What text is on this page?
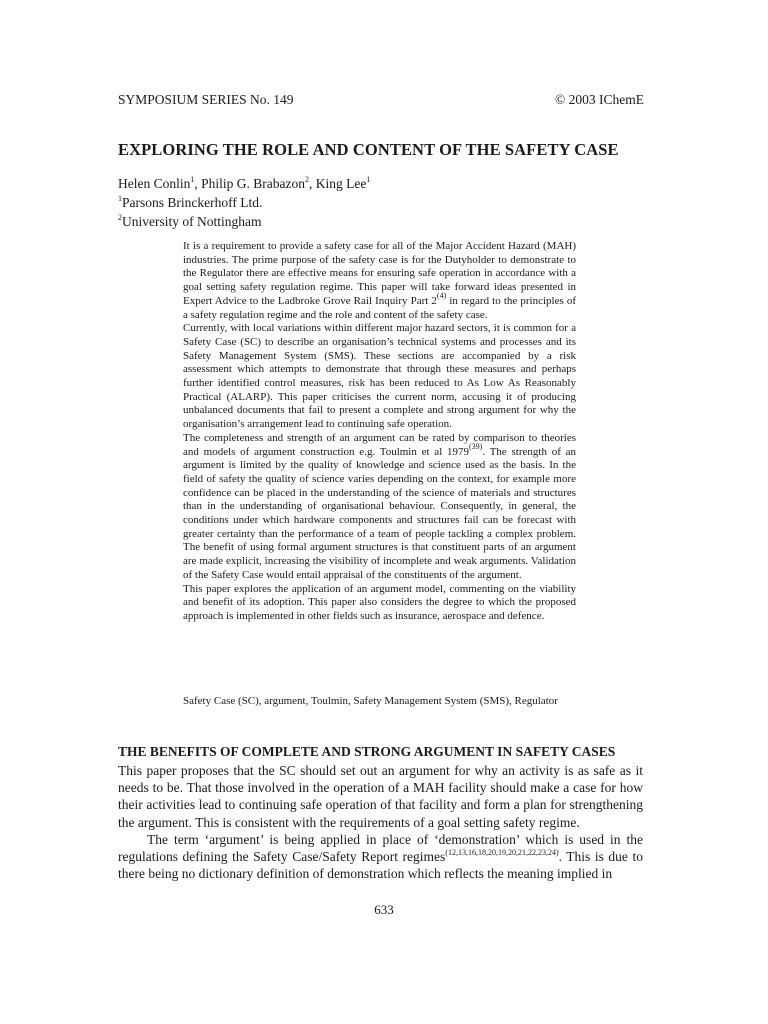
SYMPOSIUM SERIES No. 149	© 2003 IChemE
EXPLORING THE ROLE AND CONTENT OF THE SAFETY CASE
Helen Conlin$^1$, Philip G. Brabazon$^2$, King Lee$^1$
$^1$Parsons Brinckerhoff Ltd.
$^2$University of Nottingham

It is a requirement to provide a safety case for all of the Major Accident Hazard (MAH) industries. The prime purpose of the safety case is for the Dutyholder to demonstrate to the Regulator there are effective means for ensuring safe operation in accordance with a goal setting safety regulation regime. This paper will take forward ideas presented in Expert Advice to the Ladbroke Grove Rail Inquiry Part 2$^{(4)}$ in regard to the principles of a safety regulation regime and the role and content of the safety case.

Currently, with local variations within different major hazard sectors, it is common for a Safety Case (SC) to describe an organisation’s technical systems and processes and its Safety Management System (SMS). These sections are accompanied by a risk assessment which attempts to demonstrate that through these measures and perhaps further identified control measures, risk has been reduced to As Low As Reasonably Practical (ALARP). This paper criticises the current norm, accusing it of producing unbalanced documents that fail to present a complete and strong argument for why the organisation’s arrangement lead to continuing safe operation.

The completeness and strength of an argument can be rated by comparison to theories and models of argument construction e.g. Toulmin et al 1979$^{(39)}$. The strength of an argument is limited by the quality of knowledge and science used as the basis. In the field of safety the quality of science varies depending on the context, for example more confidence can be placed in the understanding of the science of materials and structures than in the understanding of organisational behaviour. Consequently, in general, the conditions under which hardware components and structures fail can be forecast with greater certainty than the performance of a team of people tackling a complex problem. The benefit of using formal argument structures is that constituent parts of an argument are made explicit, increasing the visibility of incomplete and weak arguments. Validation of the Safety Case would entail appraisal of the constituents of the argument.

This paper explores the application of an argument model, commenting on the viability and benefit of its adoption. This paper also considers the degree to which the proposed approach is implemented in other fields such as insurance, aerospace and defence.

Safety Case (SC), argument, Toulmin, Safety Management System (SMS), Regulator
THE BENEFITS OF COMPLETE AND STRONG ARGUMENT IN SAFETY CASES

This paper proposes that the SC should set out an argument for why an activity is as safe as it needs to be. That those involved in the operation of a MAH facility should make a case for how their activities lead to continuing safe operation of that facility and form a plan for strengthening the argument. This is consistent with the requirements of a goal setting safety regime.

The term ‘argument’ is being applied in place of ‘demonstration’ which is used in the regulations defining the Safety Case/Safety Report regimes$^{(12,13,16,18,20,19,20,21,22,23,24)}$. This is due to there being no dictionary definition of demonstration which reflects the meaning implied in

633
